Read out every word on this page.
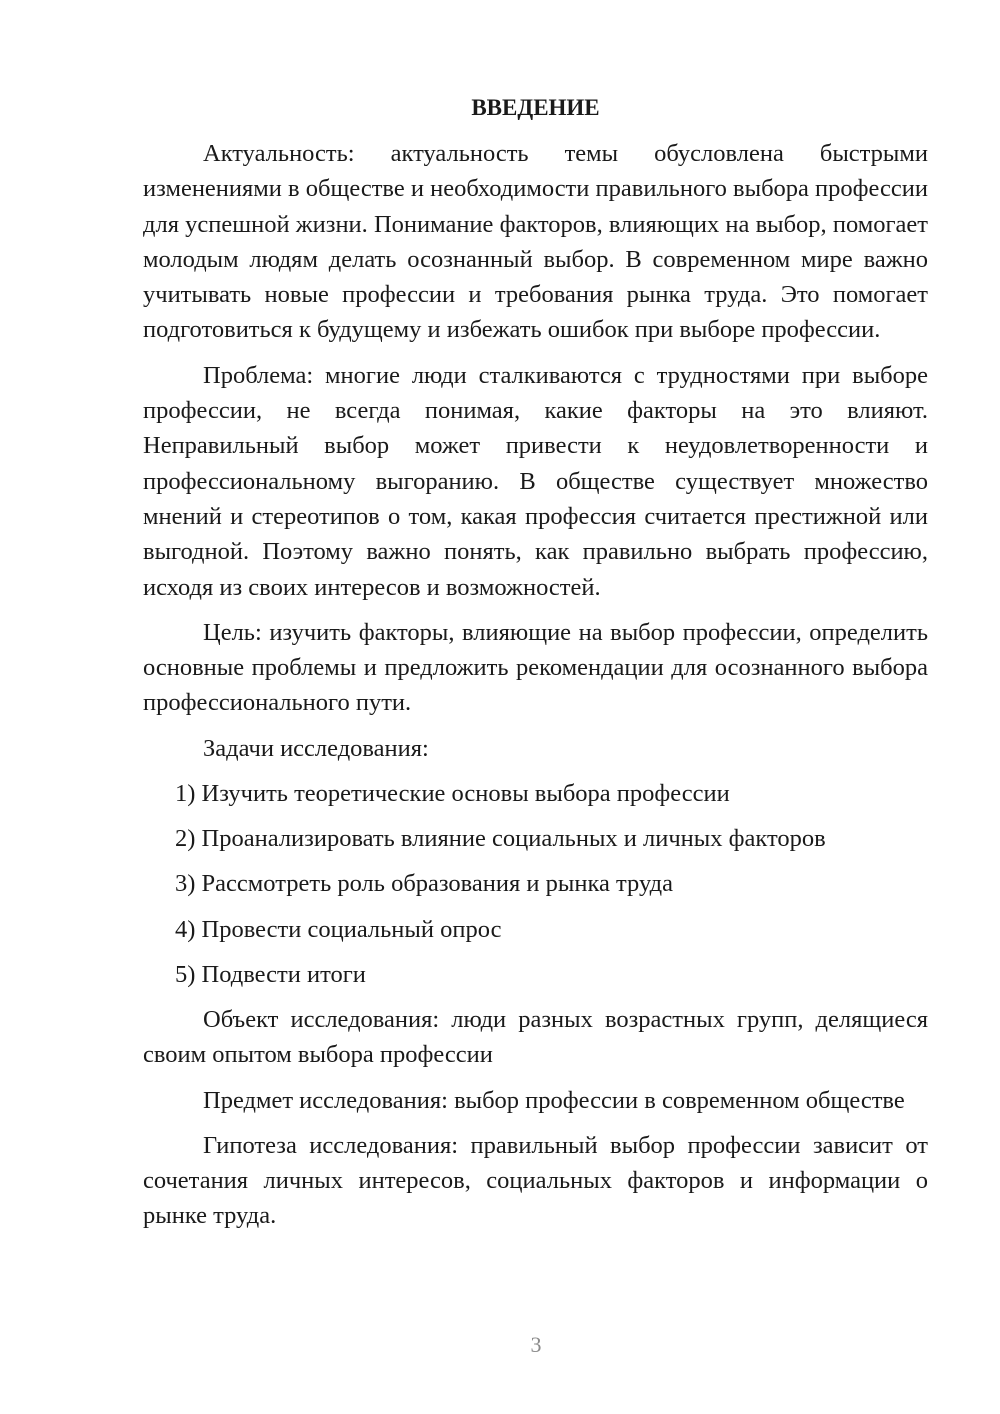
ВВЕДЕНИЕ

Актуальность: актуальность темы обусловлена быстрыми изменениями в обществе и необходимости правильного выбора профессии для успешной жизни. Понимание факторов, влияющих на выбор, помогает молодым людям делать осознанный выбор. В современном мире важно учитывать новые профессии и требования рынка труда. Это помогает подготовиться к будущему и избежать ошибок при выборе профессии.

Проблема: многие люди сталкиваются с трудностями при выборе профессии, не всегда понимая, какие факторы на это влияют. Неправильный выбор может привести к неудовлетворенности и профессиональному выгоранию. В обществе существует множество мнений и стереотипов о том, какая профессия считается престижной или выгодной. Поэтому важно понять, как правильно выбрать профессию, исходя из своих интересов и возможностей.

Цель: изучить факторы, влияющие на выбор профессии, определить основные проблемы и предложить рекомендации для осознанного выбора профессионального пути.

Задачи исследования:

1) Изучить теоретические основы выбора профессии
2) Проанализировать влияние социальных и личных факторов
3) Рассмотреть роль образования и рынка труда
4) Провести социальный опрос
5) Подвести итоги

Объект исследования: люди разных возрастных групп, делящиеся своим опытом выбора профессии

Предмет исследования: выбор профессии в современном обществе

Гипотеза исследования: правильный выбор профессии зависит от сочетания личных интересов, социальных факторов и информации о рынке труда.

3
